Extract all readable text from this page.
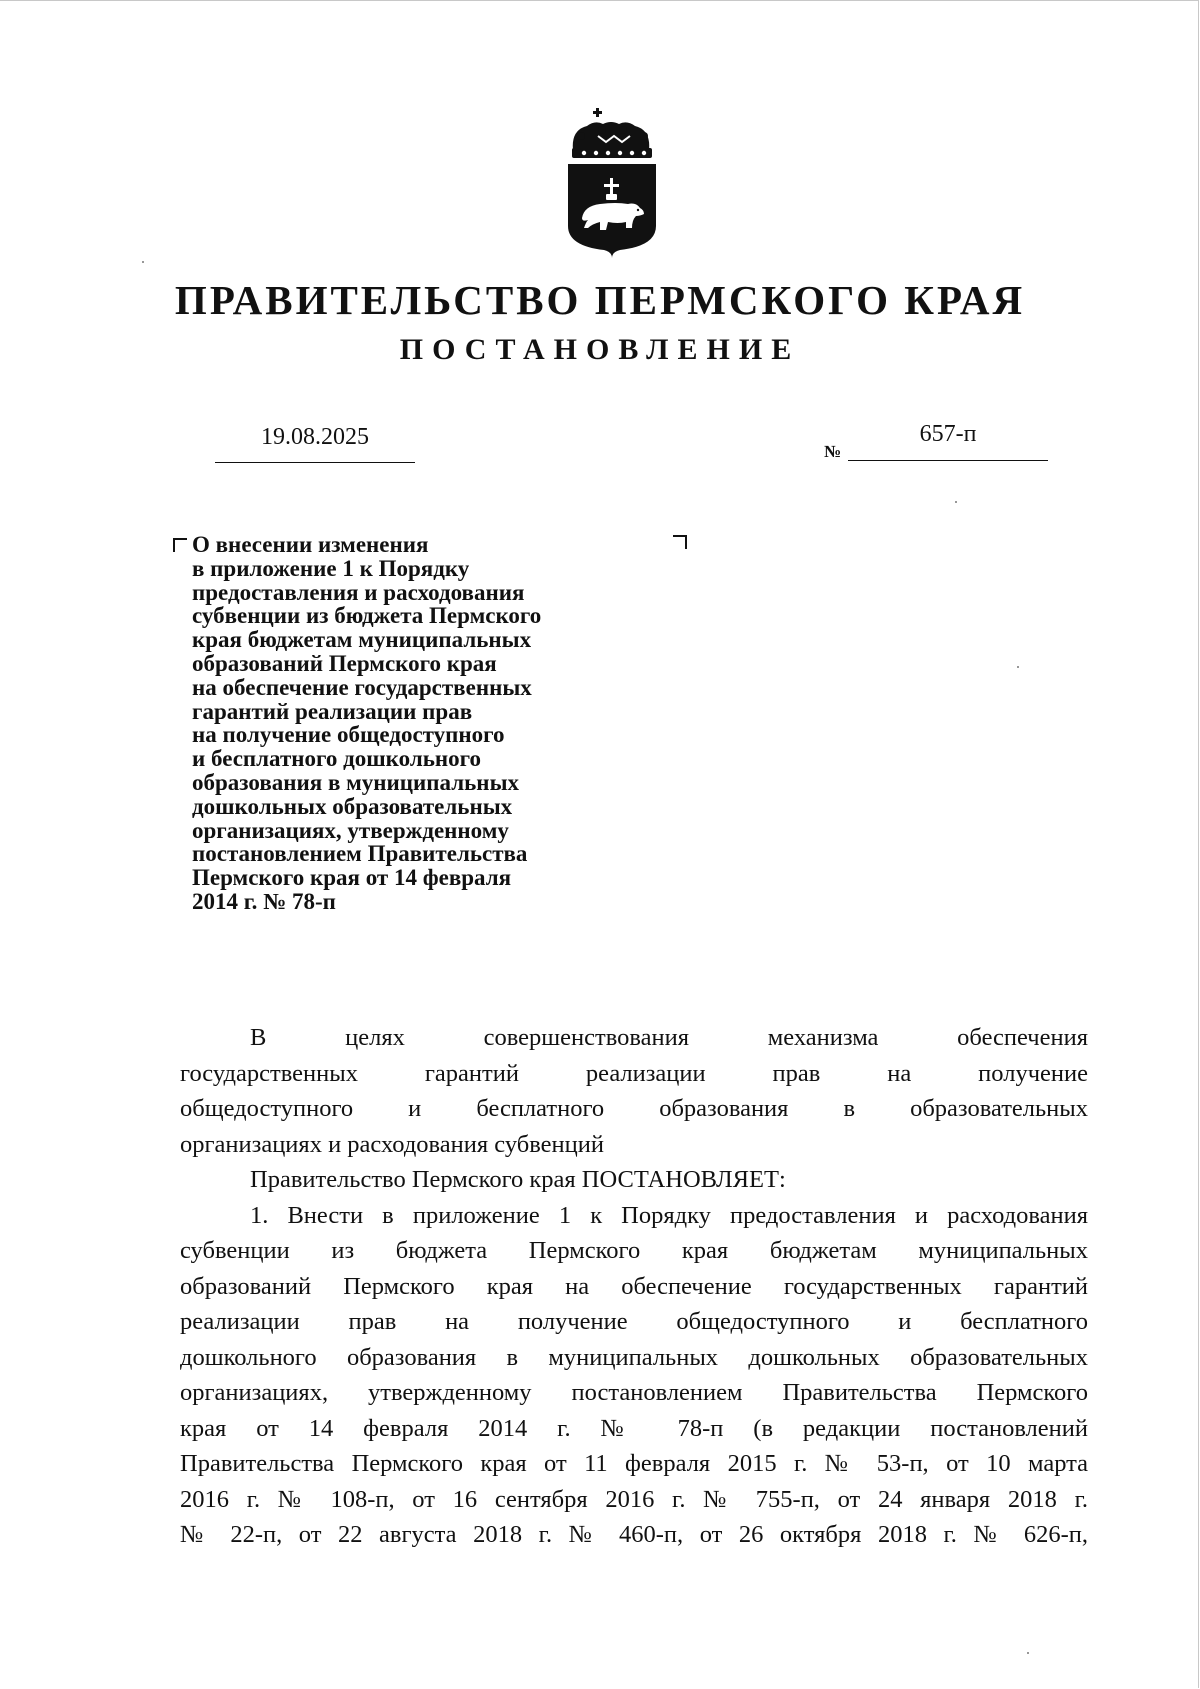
ПРАВИТЕЛЬСТВО ПЕРМСКОГО КРАЯ
ПОСТАНОВЛЕНИЕ
19.08.2025
№
657-п
О внесении изменения
в приложение 1 к Порядку
предоставления и расходования
субвенции из бюджета Пермского
края бюджетам муниципальных
образований Пермского края
на обеспечение государственных
гарантий реализации прав
на получение общедоступного
и бесплатного дошкольного
образования в муниципальных
дошкольных образовательных
организациях, утвержденному
постановлением Правительства
Пермского края от 14 февраля
2014 г. № 78-п
В целях совершенствования механизма обеспечения
государственных гарантий реализации прав на получение
общедоступного и бесплатного образования в образовательных
организациях и расходования субвенций
Правительство Пермского края ПОСТАНОВЛЯЕТ:
1. Внести в приложение 1 к Порядку предоставления и расходования
субвенции из бюджета Пермского края бюджетам муниципальных
образований Пермского края на обеспечение государственных гарантий
реализации прав на получение общедоступного и бесплатного
дошкольного образования в муниципальных дошкольных образовательных
организациях, утвержденному постановлением Правительства Пермского
края от 14 февраля 2014 г. № 78-п (в редакции постановлений
Правительства Пермского края от 11 февраля 2015 г. № 53-п, от 10 марта
2016 г. № 108-п, от 16 сентября 2016 г. № 755-п, от 24 января 2018 г.
№ 22-п, от 22 августа 2018 г. № 460-п, от 26 октября 2018 г. № 626-п,
